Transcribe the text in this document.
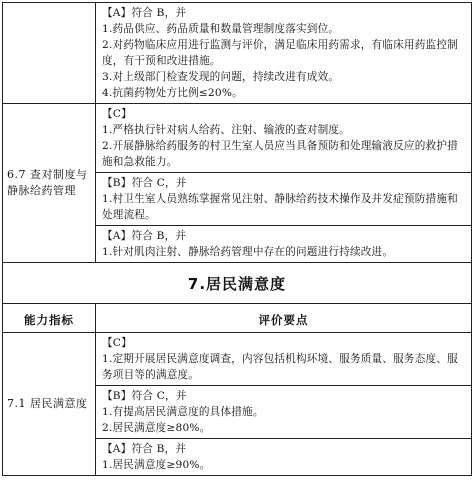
	【A】符合 B，并
1.药品供应、药品质量和数量管理制度落实到位。
2.对药物临床应用进行监测与评价，满足临床用药需求，有临床用药监控制度，有干预和改进措施。
3.对上级部门检查发现的问题，持续改进有成效。
4.抗菌药物处方比例≤20%。

6.7 查对制度与静脉给药管理	【C】
1.严格执行针对病人给药、注射、输液的查对制度。
2.开展静脉给药服务的村卫生室人员应当具备预防和处理输液反应的救护措施和急救能力。

	【B】符合 C，并
1.村卫生室人员熟练掌握常见注射、静脉给药技术操作及并发症预防措施和处理流程。

	【A】符合 B，并
1.针对肌肉注射、静脉给药管理中存在的问题进行持续改进。

7.居民满意度	
能力指标	评价要点

7.1 居民满意度	【C】
1.定期开展居民满意度调查，内容包括机构环境、服务质量、服务态度、服务项目等的满意度。

	【B】符合 C，并
1.有提高居民满意度的具体措施。
2.居民满意度≥80%。

	【A】符合 B，并
1.居民满意度≥90%。
